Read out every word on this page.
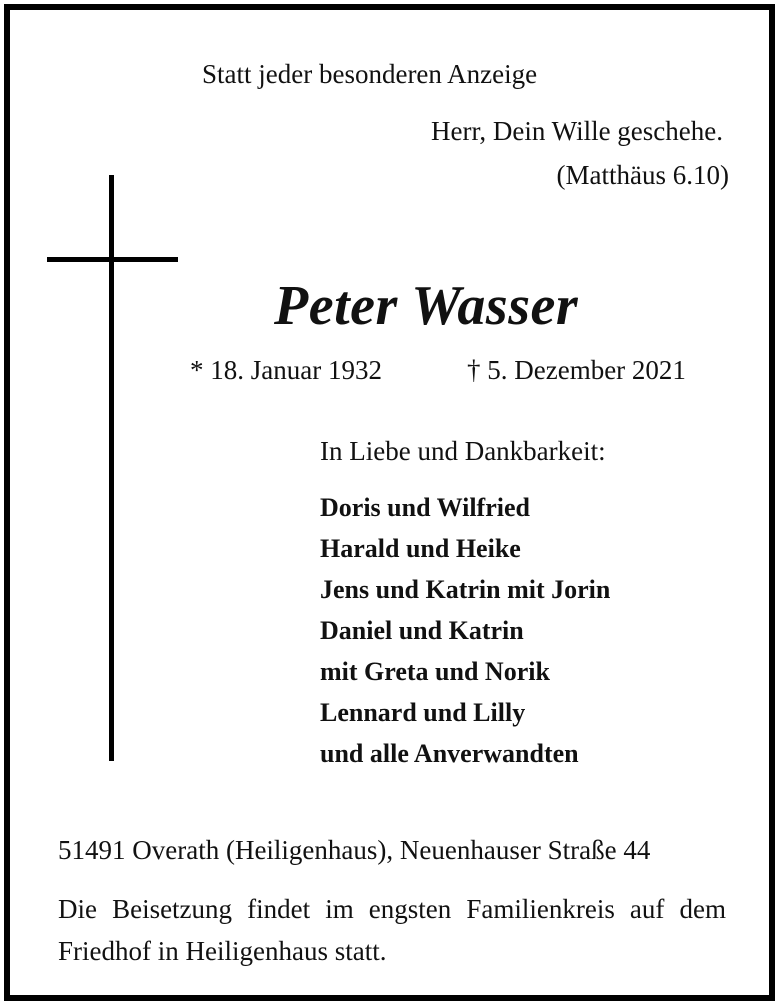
Statt jeder besonderen Anzeige
Herr, Dein Wille geschehe.
(Matthäus 6.10)
Peter Wasser
* 18. Januar 1932	† 5. Dezember 2021
In Liebe und Dankbarkeit:
Doris und Wilfried
Harald und Heike
Jens und Katrin mit Jorin
Daniel und Katrin
mit Greta und Norik
Lennard und Lilly
und alle Anverwandten
51491 Overath (Heiligenhaus), Neuenhauser Straße 44

Die Beisetzung findet im engsten Familienkreis auf dem Friedhof in Heiligenhaus statt.
